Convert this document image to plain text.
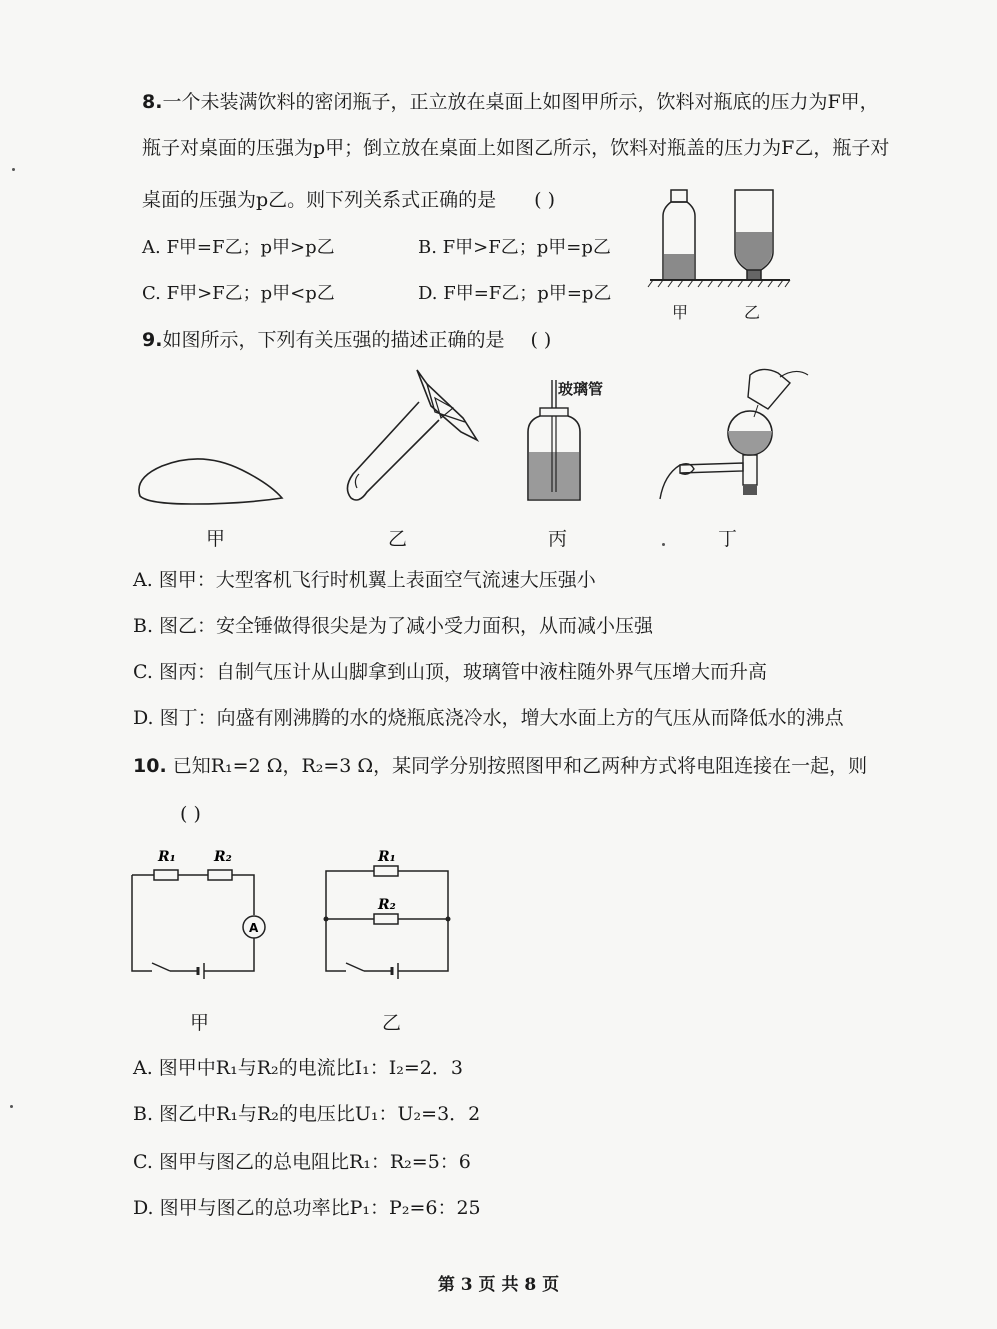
8.一个未装满饮料的密闭瓶子，正立放在桌面上如图甲所示，饮料对瓶底的压力为F甲，
瓶子对桌面的压强为p甲；倒立放在桌面上如图乙所示，饮料对瓶盖的压力为F乙，瓶子对
桌面的压强为p乙。则下列关系式正确的是 ( )
A. F甲=F乙；p甲>p乙	B. F甲>F乙；p甲=p乙
C. F甲>F乙；p甲<p乙	D. F甲=F乙；p甲=p乙
甲	乙
9.如图所示，下列有关压强的描述正确的是 ( )
玻璃管
甲	乙	丙	丁
A. 图甲：大型客机飞行时机翼上表面空气流速大压强小
B. 图乙：安全锤做得很尖是为了减小受力面积，从而减小压强
C. 图丙：自制气压计从山脚拿到山顶，玻璃管中液柱随外界气压增大而升高
D. 图丁：向盛有刚沸腾的水的烧瓶底浇冷水，增大水面上方的气压从而降低水的沸点
10. 已知R₁=2 Ω，R₂=3 Ω，某同学分别按照图甲和乙两种方式将电阻连接在一起，则
( )
R₁	R₂
A
R₁
R₂
甲	乙
A. 图甲中R₁与R₂的电流比I₁：I₂=2．3
B. 图乙中R₁与R₂的电压比U₁：U₂=3．2
C. 图甲与图乙的总电阻比R₁：R₂=5：6
D. 图甲与图乙的总功率比P₁：P₂=6：25
第 3 页 共 8 页
